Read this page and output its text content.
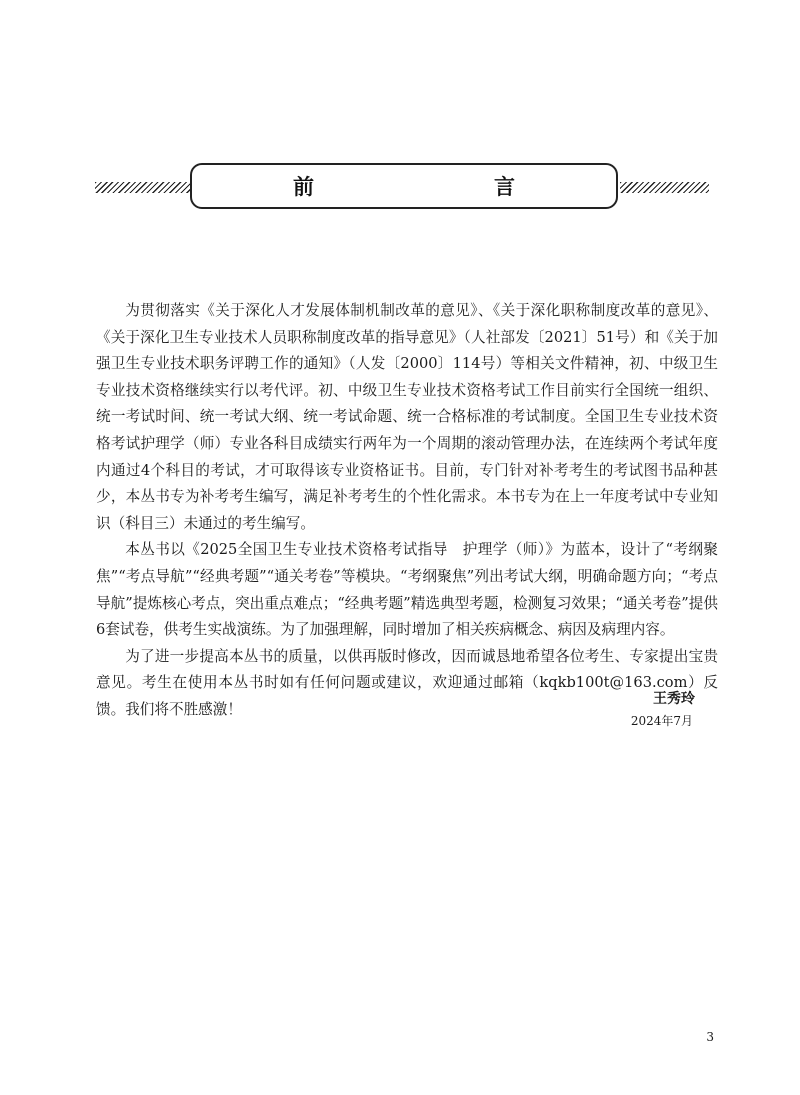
前　　言

为贯彻落实《关于深化人才发展体制机制改革的意见》、《关于深化职称制度改革的意见》、《关于深化卫生专业技术人员职称制度改革的指导意见》（人社部发〔2021〕51号）和《关于加强卫生专业技术职务评聘工作的通知》（人发〔2000〕114号）等相关文件精神，初、中级卫生专业技术资格继续实行以考代评。初、中级卫生专业技术资格考试工作目前实行全国统一组织、统一考试时间、统一考试大纲、统一考试命题、统一合格标准的考试制度。全国卫生专业技术资格考试护理学（师）专业各科目成绩实行两年为一个周期的滚动管理办法，在连续两个考试年度内通过4个科目的考试，才可取得该专业资格证书。目前，专门针对补考考生的考试图书品种甚少，本丛书专为补考考生编写，满足补考考生的个性化需求。本书专为在上一年度考试中专业知识（科目三）未通过的考生编写。

本丛书以《2025全国卫生专业技术资格考试指导　护理学（师）》为蓝本，设计了“考纲聚焦”“考点导航”“经典考题”“通关考卷”等模块。“考纲聚焦”列出考试大纲，明确命题方向；“考点导航”提炼核心考点，突出重点难点；“经典考题”精选典型考题，检测复习效果；“通关考卷”提供6套试卷，供考生实战演练。为了加强理解，同时增加了相关疾病概念、病因及病理内容。

为了进一步提高本丛书的质量，以供再版时修改，因而诚恳地希望各位考生、专家提出宝贵意见。考生在使用本丛书时如有任何问题或建议，欢迎通过邮箱（kqkb100t@163.com）反馈。我们将不胜感激！

王秀玲
2024年7月
3
